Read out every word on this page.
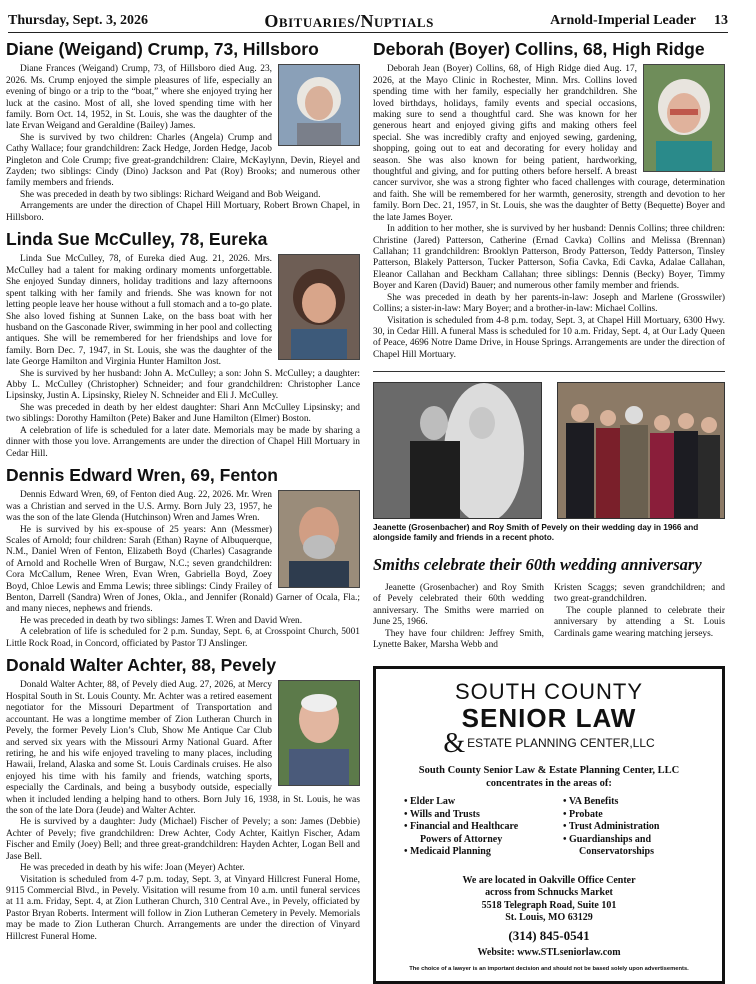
Thursday, Sept. 3, 2026	Obituaries/Nuptials	Arnold-Imperial Leader 13
Diane (Weigand) Crump, 73, Hillsboro

Diane Frances (Weigand) Crump, 73, of Hillsboro died Aug. 23, 2026. Ms. Crump enjoyed the simple pleasures of life, especially an evening of bingo or a trip to the “boat,” where she enjoyed trying her luck at the casino. Most of all, she loved spending time with her family. Born Oct. 14, 1952, in St. Louis, she was the daughter of the late Ervan Weigand and Geraldine (Bailey) James.

She is survived by two children: Charles (Angela) Crump and Cathy Wallace; four grandchildren: Zack Hedge, Jorden Hedge, Jacob Pingleton and Cole Crump; five great-grandchildren: Claire, McKaylynn, Devin, Rieyel and Zayden; two siblings: Cindy (Dino) Jackson and Pat (Roy) Brooks; and numerous other family members and friends.

She was preceded in death by two siblings: Richard Weigand and Bob Weigand.

Arrangements are under the direction of Chapel Hill Mortuary, Robert Brown Chapel, in Hillsboro.

Linda Sue McCulley, 78, Eureka

Linda Sue McCulley, 78, of Eureka died Aug. 21, 2026. Mrs. McCulley had a talent for making ordinary moments unforgettable. She enjoyed Sunday dinners, holiday traditions and lazy afternoons spent talking with her family and friends. She was known for not letting people leave her house without a full stomach and a to-go plate. She also loved fishing at Sunnen Lake, on the bass boat with her husband on the Gasconade River, swimming in her pool and collecting antiques. She will be remembered for her friendships and love for family. Born Dec. 7, 1947, in St. Louis, she was the daughter of the late George Hamilton and Virginia Hunter Hamilton Jost.

She is survived by her husband: John A. McCulley; a son: John S. McCulley; a daughter: Abby L. McCulley (Christopher) Schneider; and four grandchildren: Christopher Lance Lipsinsky, Justin A. Lipsinsky, Rieley N. Schneider and Eli J. McCulley.

She was preceded in death by her eldest daughter: Shari Ann McCulley Lipsinsky; and two siblings: Dorothy Hamilton (Pete) Baker and June Hamilton (Elmer) Boston.

A celebration of life is scheduled for a later date. Memorials may be made by sharing a dinner with those you love. Arrangements are under the direction of Chapel Hill Mortuary in Cedar Hill.

Dennis Edward Wren, 69, Fenton

Dennis Edward Wren, 69, of Fenton died Aug. 22, 2026. Mr. Wren was a Christian and served in the U.S. Army. Born July 23, 1957, he was the son of the late Glenda (Hutchinson) Wren and James Wren.

He is survived by his ex-spouse of 25 years: Ann (Messmer) Scales of Arnold; four children: Sarah (Ethan) Rayne of Albuquerque, N.M., Daniel Wren of Fenton, Elizabeth Boyd (Charles) Casagrande of Arnold and Rochelle Wren of Burgaw, N.C.; seven grandchildren: Cora McCallum, Renee Wren, Evan Wren, Gabriella Boyd, Zoey Boyd, Chloe Lewis and Emma Lewis; three siblings: Cindy Frailey of Benton, Darrell (Sandra) Wren of Jones, Okla., and Jennifer (Ronald) Garner of Ocala, Fla.; and many nieces, nephews and friends.

He was preceded in death by two siblings: James T. Wren and David Wren.

A celebration of life is scheduled for 2 p.m. Sunday, Sept. 6, at Crosspoint Church, 5001 Little Rock Road, in Concord, officiated by Pastor TJ Anslinger.

Donald Walter Achter, 88, Pevely

Donald Walter Achter, 88, of Pevely died Aug. 27, 2026, at Mercy Hospital South in St. Louis County. Mr. Achter was a retired easement negotiator for the Missouri Department of Transportation and accountant. He was a longtime member of Zion Lutheran Church in Pevely, the former Pevely Lion’s Club, Show Me Antique Car Club and served six years with the Missouri Army National Guard. After retiring, he and his wife enjoyed traveling to many places, including Hawaii, Ireland, Alaska and some St. Louis Cardinals cruises. He also enjoyed his time with his family and friends, watching sports, especially the Cardinals, and being a busybody outside, especially when it included lending a helping hand to others. Born July 16, 1938, in St. Louis, he was the son of the late Dora (Jeude) and Walter Achter.

He is survived by a daughter: Judy (Michael) Fischer of Pevely; a son: James (Debbie) Achter of Pevely; five grandchildren: Drew Achter, Cody Achter, Kaitlyn Fischer, Adam Fischer and Emily (Joey) Bell; and three great-grandchildren: Hayden Achter, Logan Bell and Jase Bell.

He was preceded in death by his wife: Joan (Meyer) Achter.

Visitation is scheduled from 4-7 p.m. today, Sept. 3, at Vinyard Hillcrest Funeral Home, 9115 Commercial Blvd., in Pevely. Visitation will resume from 10 a.m. until funeral services at 11 a.m. Friday, Sept. 4, at Zion Lutheran Church, 310 Central Ave., in Pevely, officiated by Pastor Bryan Roberts. Interment will follow in Zion Lutheran Cemetery in Pevely. Memorials may be made to Zion Lutheran Church. Arrangements are under the direction of Vinyard Hillcrest Funeral Home.

Deborah (Boyer) Collins, 68, High Ridge

Deborah Jean (Boyer) Collins, 68, of High Ridge died Aug. 17, 2026, at the Mayo Clinic in Rochester, Minn. Mrs. Collins loved spending time with her family, especially her grandchildren. She loved birthdays, holidays, family events and special occasions, making sure to send a thoughtful card. She was known for her generous heart and enjoyed giving gifts and making others feel special. She was incredibly crafty and enjoyed sewing, gardening, shopping, going out to eat and decorating for every holiday and season. She was also known for being patient, hardworking, thoughtful and giving, and for putting others before herself. A breast cancer survivor, she was a strong fighter who faced challenges with courage, determination and faith. She will be remembered for her warmth, generosity, strength and devotion to her family. Born Dec. 21, 1957, in St. Louis, she was the daughter of Betty (Bequette) Boyer and the late James Boyer.

In addition to her mother, she is survived by her husband: Dennis Collins; three children: Christine (Jared) Patterson, Catherine (Ernad Cavka) Collins and Melissa (Brennan) Callahan; 11 grandchildren: Brooklyn Patterson, Brody Patterson, Teddy Patterson, Tinsley Patterson, Blakely Patterson, Tucker Patterson, Sofia Cavka, Edi Cavka, Adalae Callahan, Eleanor Callahan and Beckham Callahan; three siblings: Dennis (Becky) Boyer, Timmy Boyer and Karen (David) Bauer; and numerous other family member and friends.

She was preceded in death by her parents-in-law: Joseph and Marlene (Grosswiler) Collins; a sister-in-law: Mary Boyer; and a brother-in-law: Michael Collins.

Visitation is scheduled from 4-8 p.m. today, Sept. 3, at Chapel Hill Mortuary, 6300 Hwy. 30, in Cedar Hill. A funeral Mass is scheduled for 10 a.m. Friday, Sept. 4, at Our Lady Queen of Peace, 4696 Notre Dame Drive, in House Springs. Arrangements are under the direction of Chapel Hill Mortuary.

Jeanette (Grosenbacher) and Roy Smith of Pevely on their wedding day in 1966 and alongside family and friends in a recent photo.
Smiths celebrate their 60th wedding anniversary

Jeanette (Grosenbacher) and Roy Smith of Pevely celebrated their 60th wedding anniversary. The Smiths were married on June 25, 1966.

They have four children: Jeffrey Smith, Lynette Baker, Marsha Webb and

Kristen Scaggs; seven grandchildren; and two great-grandchildren.

The couple planned to celebrate their anniversary by attending a St. Louis Cardinals game wearing matching jerseys.

SOUTH COUNTY
SENIOR LAW
& ESTATE PLANNING CENTER,LLC
South County Senior Law & Estate Planning Center, LLC
concentrates in the areas of:
• Elder Law
• Wills and Trusts
• Financial and Healthcare
Powers of Attorney
• Medicaid Planning
• VA Benefits
• Probate
• Trust Administration
• Guardianships and
Conservatorships
We are located in Oakville Office Center
across from Schnucks Market
5518 Telegraph Road, Suite 101
St. Louis, MO 63129
(314) 845-0541
Website: www.STLseniorlaw.com
The choice of a lawyer is an important decision and should not be based solely upon advertisements.
